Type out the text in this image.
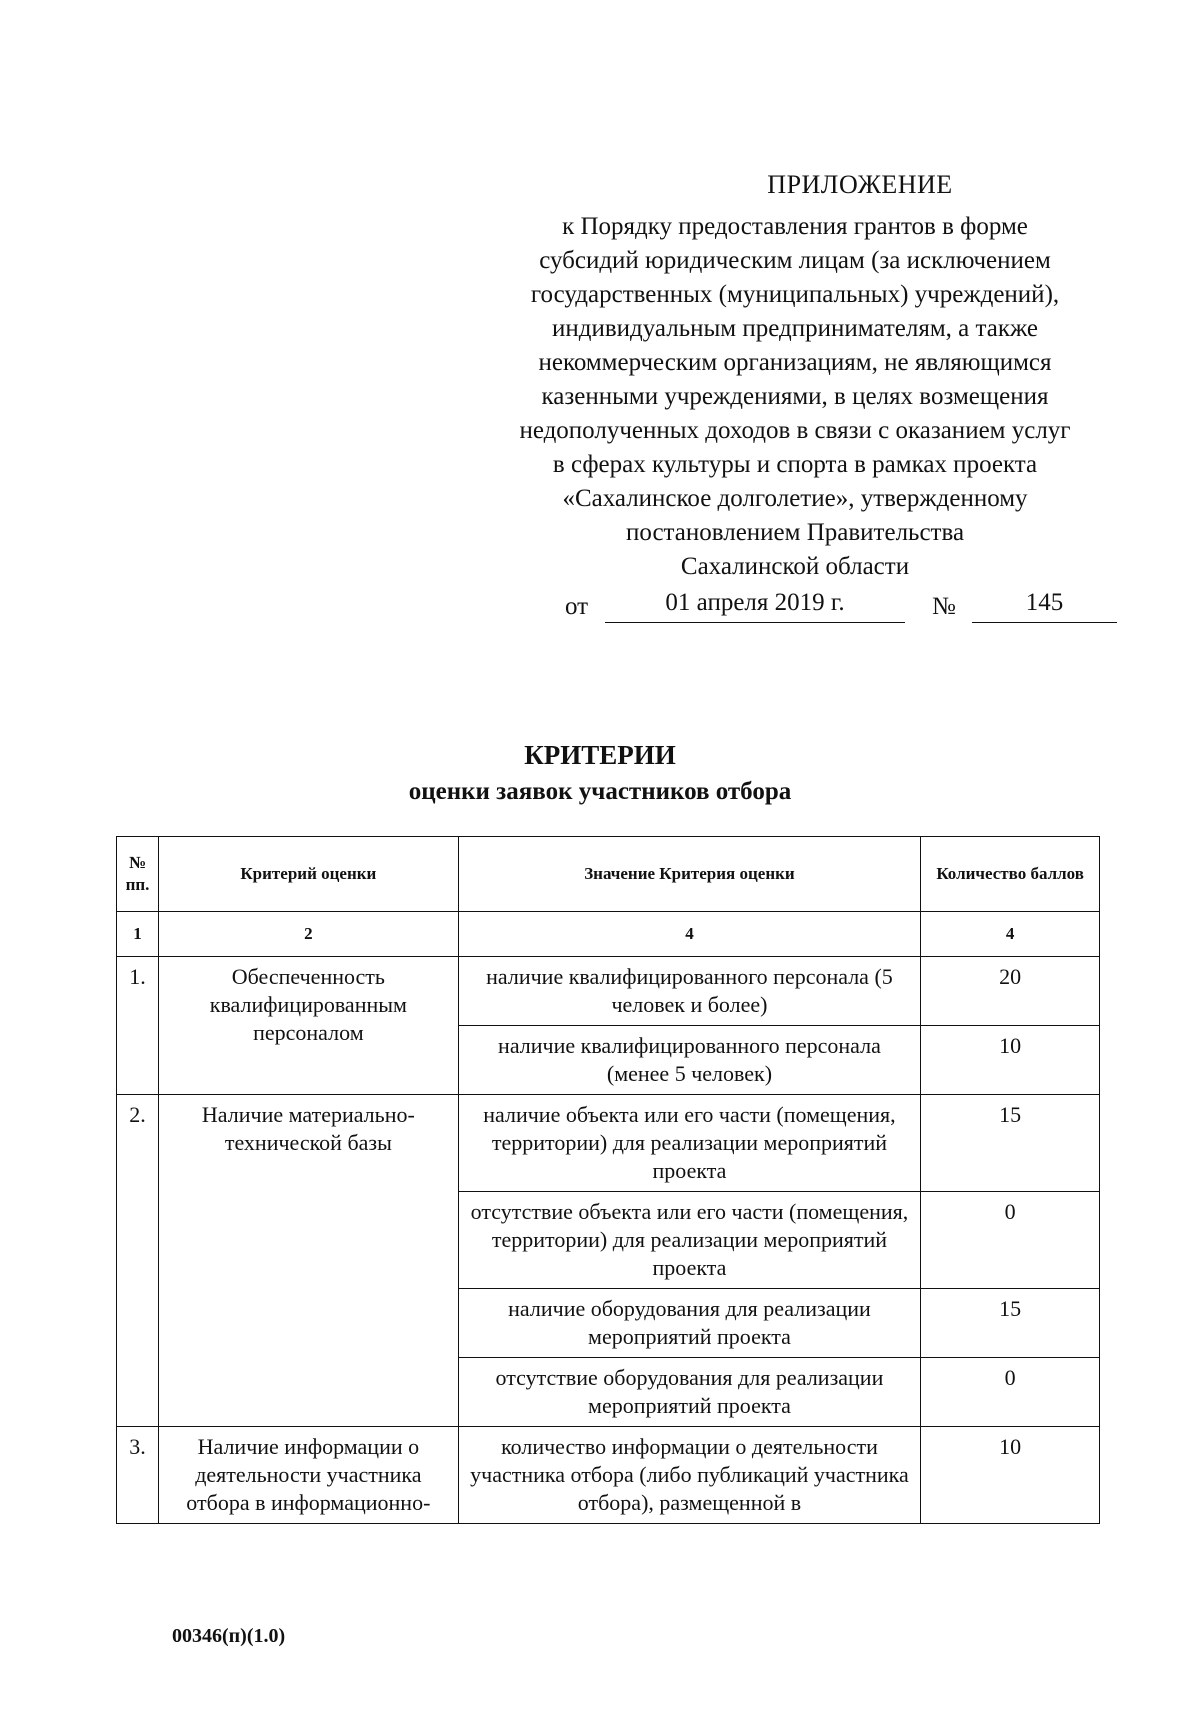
ПРИЛОЖЕНИЕ
к Порядку предоставления грантов в форме
субсидий юридическим лицам (за исключением
государственных (муниципальных) учреждений),
индивидуальным предпринимателям, а также
некоммерческим организациям, не являющимся
казенными учреждениями, в целях возмещения
недополученных доходов в связи с оказанием услуг
в сферах культуры и спорта в рамках проекта
«Сахалинское долголетие», утвержденному
постановлением Правительства
Сахалинской области
от	01 апреля 2019 г.	№	145
КРИТЕРИИ
оценки заявок участников отбора
№ пп.	Критерий оценки	Значение Критерия оценки	Количество баллов
1	2	4	4
1.	Обеспеченность квалифицированным персоналом	наличие квалифицированного персонала (5 человек и более)	20
		наличие квалифицированного персонала (менее 5 человек)	10
2.	Наличие материально-технической базы	наличие объекта или его части (помещения, территории) для реализации мероприятий проекта	15
		отсутствие объекта или его части (помещения, территории) для реализации мероприятий проекта	0
		наличие оборудования для реализации мероприятий проекта	15
		отсутствие оборудования для реализации мероприятий проекта	0
3.	Наличие информации о деятельности участника отбора в информационно-	количество информации о деятельности участника отбора (либо публикаций участника отбора), размещенной в	10
00346(п)(1.0)
